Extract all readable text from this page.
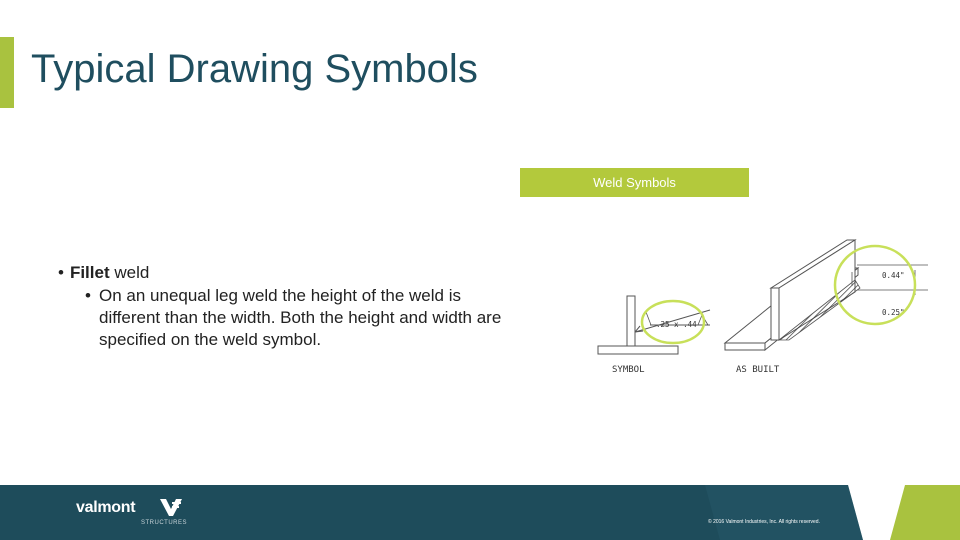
Typical Drawing Symbols
Weld Symbols
• Fillet weld
• On an unequal leg weld the height of the weld is different than the width. Both the height and width are specified on the weld symbol.
.25 x .44
SYMBOL
0.44"
0.25"
AS BUILT
valmont
STRUCTURES	© 2016 Valmont Industries, Inc. All rights reserved.
